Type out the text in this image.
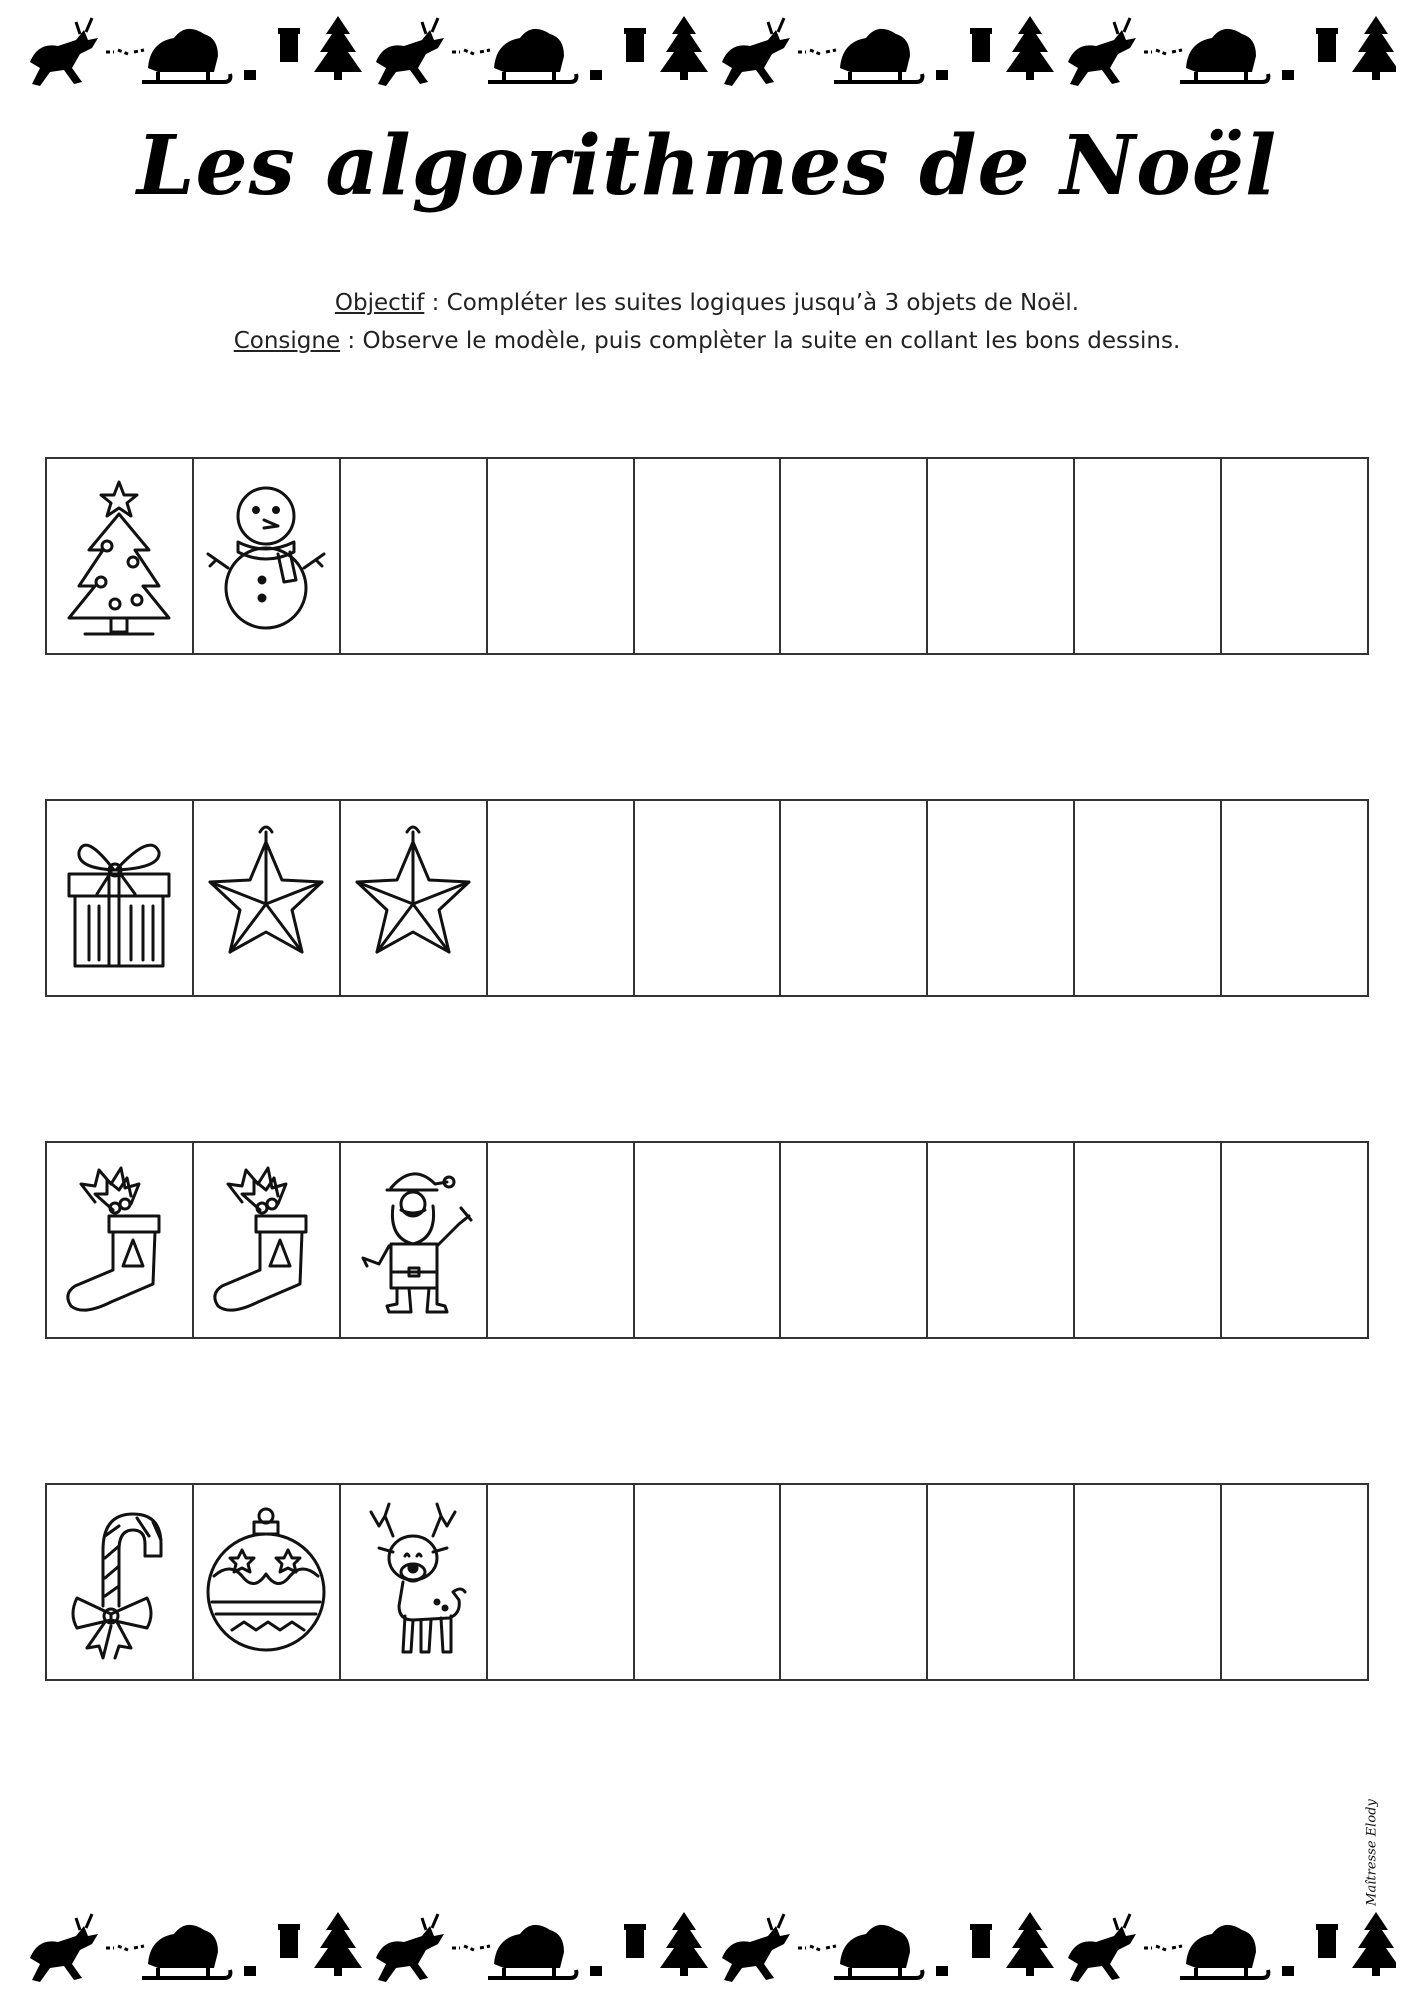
Les algorithmes de Noël
Objectif : Compléter les suites logiques jusqu’à 3 objets de Noël.
Consigne : Observe le modèle, puis complèter la suite en collant les bons dessins.
Maîtresse Elody
